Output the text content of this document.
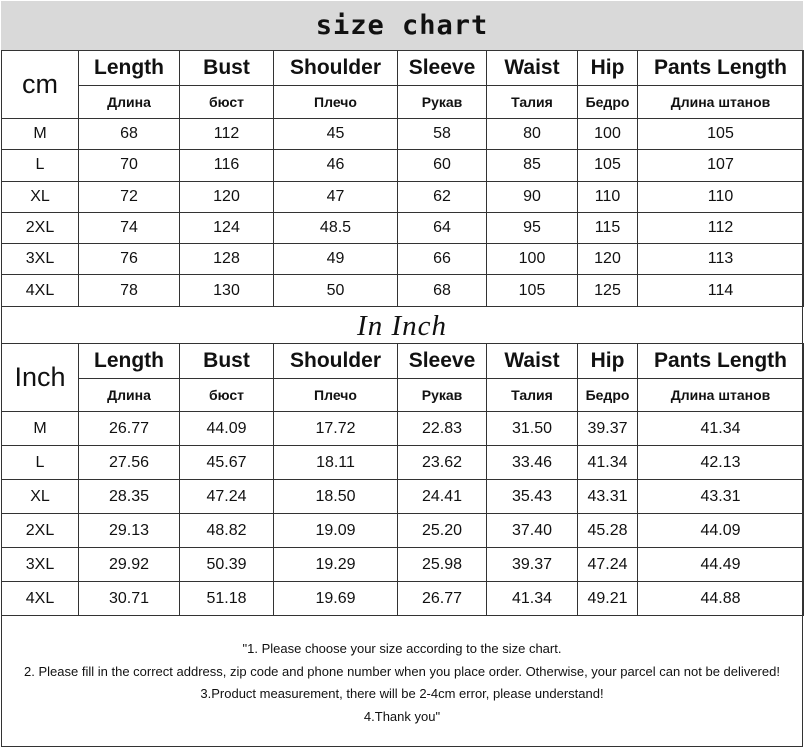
size chart
cm	Length	Bust	Shoulder	Sleeve	Waist	Hip	Pants Length
	Длина	бюст	Плечо	Рукав	Талия	Бедро	Длина штанов
M	68	112	45	58	80	100	105
L	70	116	46	60	85	105	107
XL	72	120	47	62	90	110	110
2XL	74	124	48.5	64	95	115	112
3XL	76	128	49	66	100	120	113
4XL	78	130	50	68	105	125	114
In Inch
Inch	Length	Bust	Shoulder	Sleeve	Waist	Hip	Pants Length
	Длина	бюст	Плечо	Рукав	Талия	Бедро	Длина штанов
M	26.77	44.09	17.72	22.83	31.50	39.37	41.34
L	27.56	45.67	18.11	23.62	33.46	41.34	42.13
XL	28.35	47.24	18.50	24.41	35.43	43.31	43.31
2XL	29.13	48.82	19.09	25.20	37.40	45.28	44.09
3XL	29.92	50.39	19.29	25.98	39.37	47.24	44.49
4XL	30.71	51.18	19.69	26.77	41.34	49.21	44.88
"1. Please choose your size according to the size chart.
2. Please fill in the correct address, zip code and phone number when you place order. Otherwise, your parcel can not be delivered!
3.Product measurement, there will be 2-4cm error, please understand!
4.Thank you"
